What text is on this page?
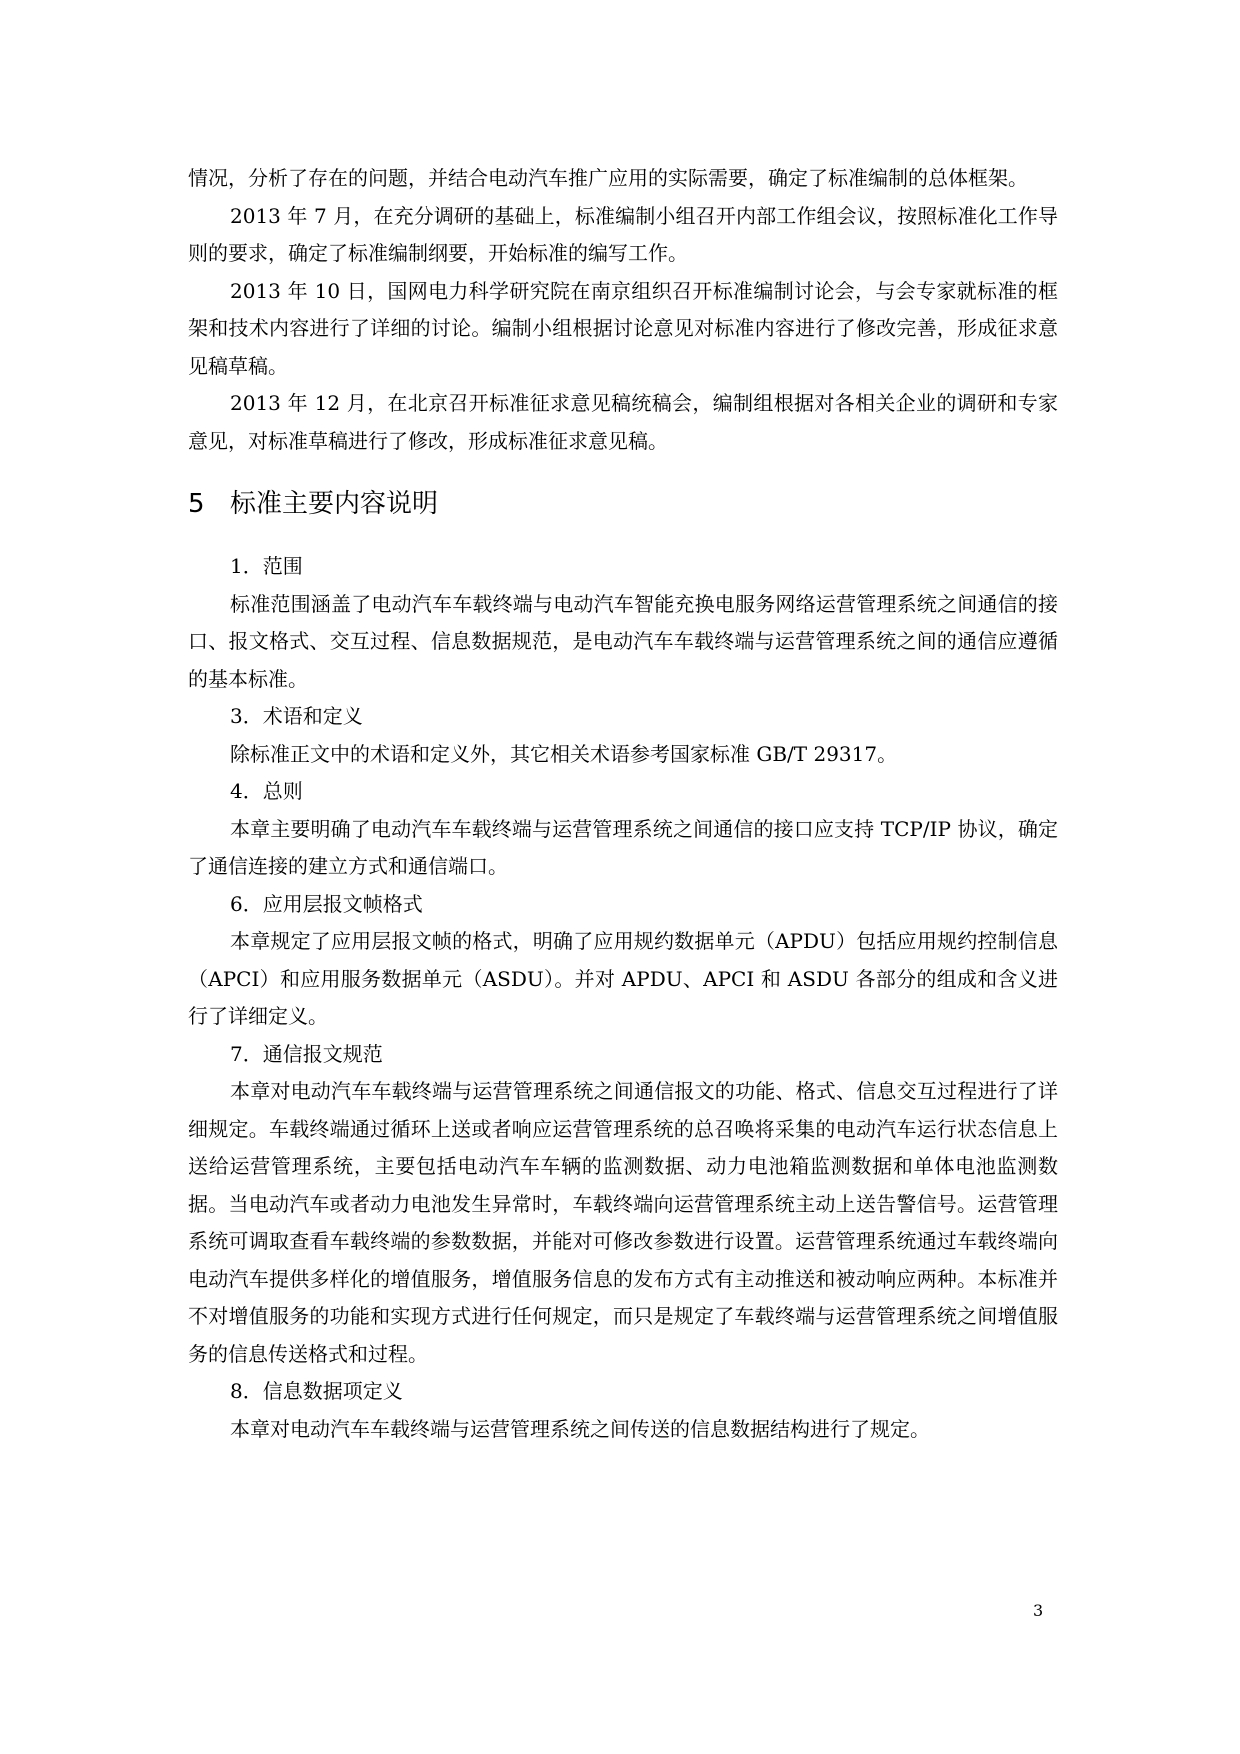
情况，分析了存在的问题，并结合电动汽车推广应用的实际需要，确定了标准编制的总体框架。

2013 年 7 月，在充分调研的基础上，标准编制小组召开内部工作组会议，按照标准化工作导则的要求，确定了标准编制纲要，开始标准的编写工作。

2013 年 10 日，国网电力科学研究院在南京组织召开标准编制讨论会，与会专家就标准的框架和技术内容进行了详细的讨论。编制小组根据讨论意见对标准内容进行了修改完善，形成征求意见稿草稿。

2013 年 12 月，在北京召开标准征求意见稿统稿会，编制组根据对各相关企业的调研和专家意见，对标准草稿进行了修改，形成标准征求意见稿。

5 标准主要内容说明

1．范围

标准范围涵盖了电动汽车车载终端与电动汽车智能充换电服务网络运营管理系统之间通信的接口、报文格式、交互过程、信息数据规范，是电动汽车车载终端与运营管理系统之间的通信应遵循的基本标准。

3．术语和定义

除标准正文中的术语和定义外，其它相关术语参考国家标准 GB/T 29317。

4．总则

本章主要明确了电动汽车车载终端与运营管理系统之间通信的接口应支持 TCP/IP 协议，确定了通信连接的建立方式和通信端口。

6．应用层报文帧格式

本章规定了应用层报文帧的格式，明确了应用规约数据单元（APDU）包括应用规约控制信息（APCI）和应用服务数据单元（ASDU）。并对 APDU、APCI 和 ASDU 各部分的组成和含义进行了详细定义。

7．通信报文规范

本章对电动汽车车载终端与运营管理系统之间通信报文的功能、格式、信息交互过程进行了详细规定。车载终端通过循环上送或者响应运营管理系统的总召唤将采集的电动汽车运行状态信息上送给运营管理系统，主要包括电动汽车车辆的监测数据、动力电池箱监测数据和单体电池监测数据。当电动汽车或者动力电池发生异常时，车载终端向运营管理系统主动上送告警信号。运营管理系统可调取查看车载终端的参数数据，并能对可修改参数进行设置。运营管理系统通过车载终端向电动汽车提供多样化的增值服务，增值服务信息的发布方式有主动推送和被动响应两种。本标准并不对增值服务的功能和实现方式进行任何规定，而只是规定了车载终端与运营管理系统之间增值服务的信息传送格式和过程。

8．信息数据项定义

本章对电动汽车车载终端与运营管理系统之间传送的信息数据结构进行了规定。

3
